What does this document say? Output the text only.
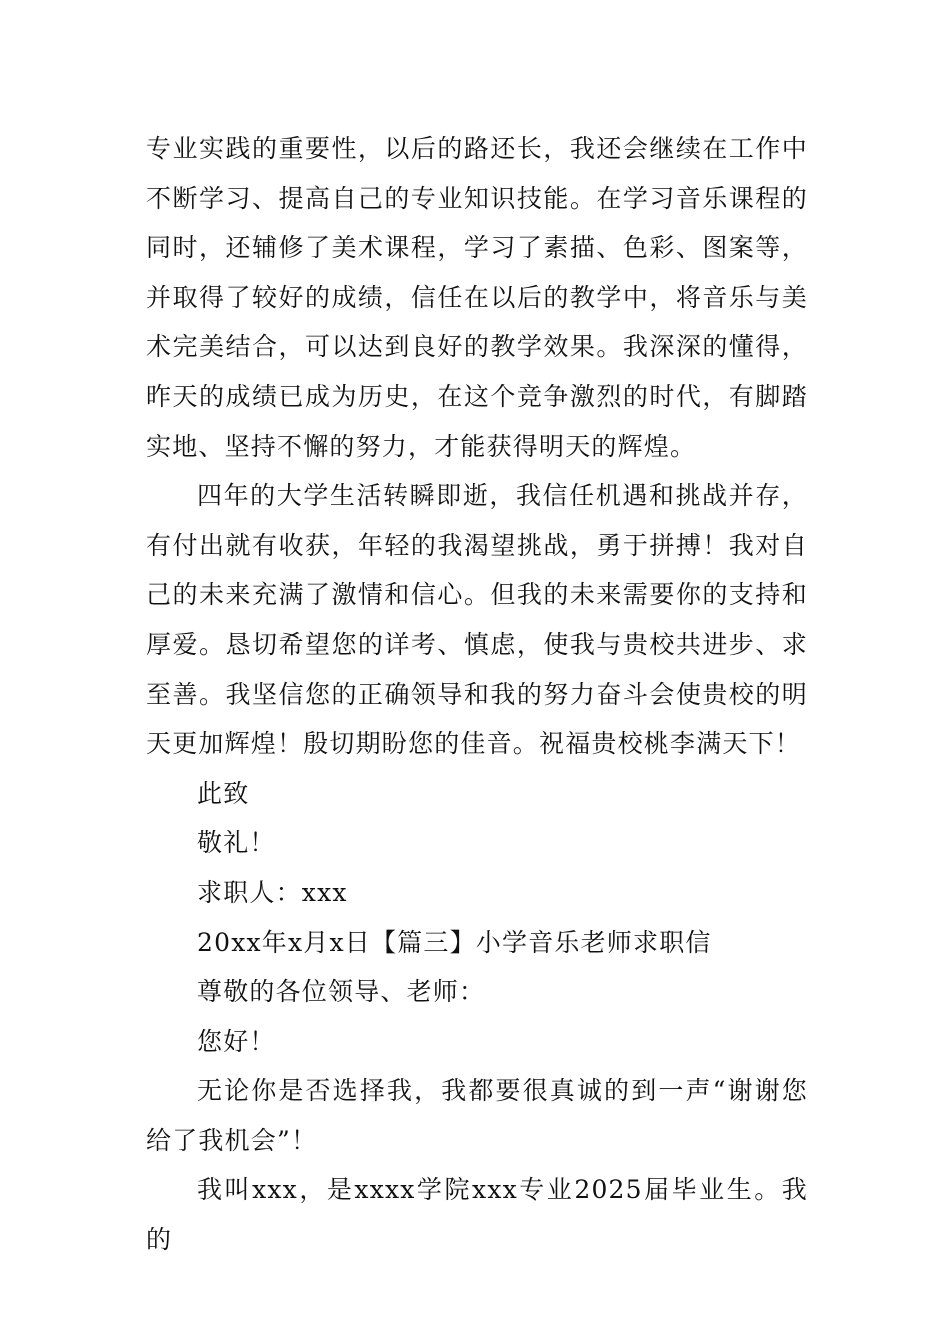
专业实践的重要性，以后的路还长，我还会继续在工作中不断学习、提高自己的专业知识技能。在学习音乐课程的同时，还辅修了美术课程，学习了素描、色彩、图案等，并取得了较好的成绩，信任在以后的教学中，将音乐与美术完美结合，可以达到良好的教学效果。我深深的懂得，昨天的成绩已成为历史，在这个竞争激烈的时代，有脚踏实地、坚持不懈的努力，才能获得明天的辉煌。

四年的大学生活转瞬即逝，我信任机遇和挑战并存，有付出就有收获，年轻的我渴望挑战，勇于拼搏！我对自己的未来充满了激情和信心。但我的未来需要你的支持和厚爱。恳切希望您的详考、慎虑，使我与贵校共进步、求至善。我坚信您的正确领导和我的努力奋斗会使贵校的明天更加辉煌！殷切期盼您的佳音。祝福贵校桃李满天下！

此致

敬礼！

求职人：xxx

20xx年x月x日【篇三】小学音乐老师求职信

尊敬的各位领导、老师：

您好！

无论你是否选择我，我都要很真诚的到一声“谢谢您给了我机会”！

我叫xxx，是xxxx学院xxx专业2025届毕业生。我的
